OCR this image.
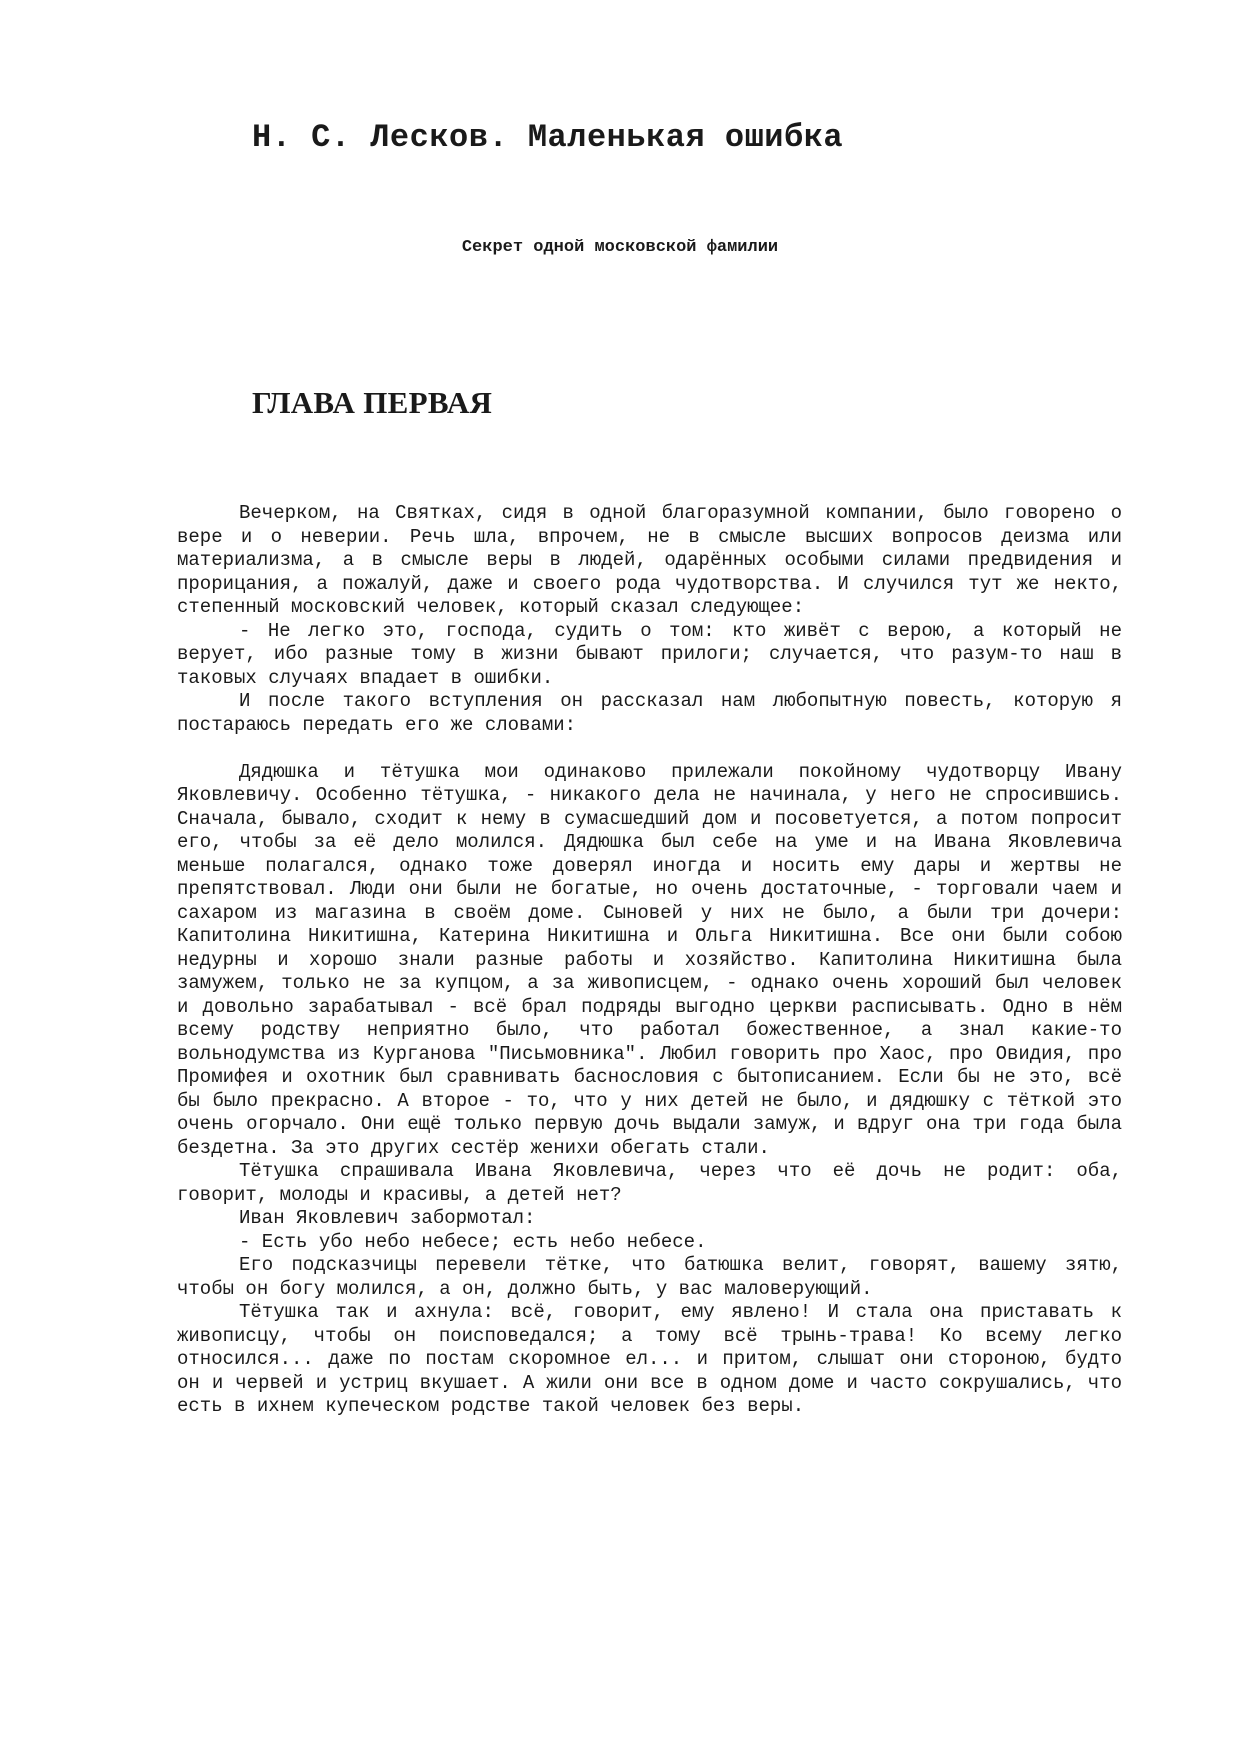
Н. С. Лесков. Маленькая ошибка
Секрет одной московской фамилии
ГЛАВА ПЕРВАЯ

Вечерком, на Святках, сидя в одной благоразумной компании, было говорено о вере и о неверии. Речь шла, впрочем, не в смысле высших вопросов деизма или материализма, а в смысле веры в людей, одарённых особыми силами предвидения и прорицания, а пожалуй, даже и своего рода чудотворства. И случился тут же некто, степенный московский человек, который сказал следующее:

- Не легко это, господа, судить о том: кто живёт с верою, а который не верует, ибо разные тому в жизни бывают прилоги; случается, что разум-то наш в таковых случаях впадает в ошибки.

И после такого вступления он рассказал нам любопытную повесть, которую я постараюсь передать его же словами:

Дядюшка и тётушка мои одинаково прилежали покойному чудотворцу Ивану Яковлевичу. Особенно тётушка, - никакого дела не начинала, у него не спросившись. Сначала, бывало, сходит к нему в сумасшедший дом и посоветуется, а потом попросит его, чтобы за её дело молился. Дядюшка был себе на уме и на Ивана Яковлевича меньше полагался, однако тоже доверял иногда и носить ему дары и жертвы не препятствовал. Люди они были не богатые, но очень достаточные, - торговали чаем и сахаром из магазина в своём доме. Сыновей у них не было, а были три дочери: Капитолина Никитишна, Катерина Никитишна и Ольга Никитишна. Все они были собою недурны и хорошо знали разные работы и хозяйство. Капитолина Никитишна была замужем, только не за купцом, а за живописцем, - однако очень хороший был человек и довольно зарабатывал - всё брал подряды выгодно церкви расписывать. Одно в нём всему родству неприятно было, что работал божественное, а знал какие-то вольнодумства из Курганова "Письмовника". Любил говорить про Хаос, про Овидия, про Промифея и охотник был сравнивать баснословия с бытописанием. Если бы не это, всё бы было прекрасно. А второе - то, что у них детей не было, и дядюшку с тёткой это очень огорчало. Они ещё только первую дочь выдали замуж, и вдруг она три года была бездетна. За это других сестёр женихи обегать стали.

Тётушка спрашивала Ивана Яковлевича, через что её дочь не родит: оба, говорит, молоды и красивы, а детей нет?

Иван Яковлевич забормотал:

- Есть убо небо небесе; есть небо небесе.

Его подсказчицы перевели тётке, что батюшка велит, говорят, вашему зятю, чтобы он богу молился, а он, должно быть, у вас маловерующий.

Тётушка так и ахнула: всё, говорит, ему явлено! И стала она приставать к живописцу, чтобы он поисповедался; а тому всё трынь-трава! Ко всему легко относился... даже по постам скоромное ел... и притом, слышат они стороною, будто он и червей и устриц вкушает. А жили они все в одном доме и часто сокрушались, что есть в ихнем купеческом родстве такой человек без веры.
